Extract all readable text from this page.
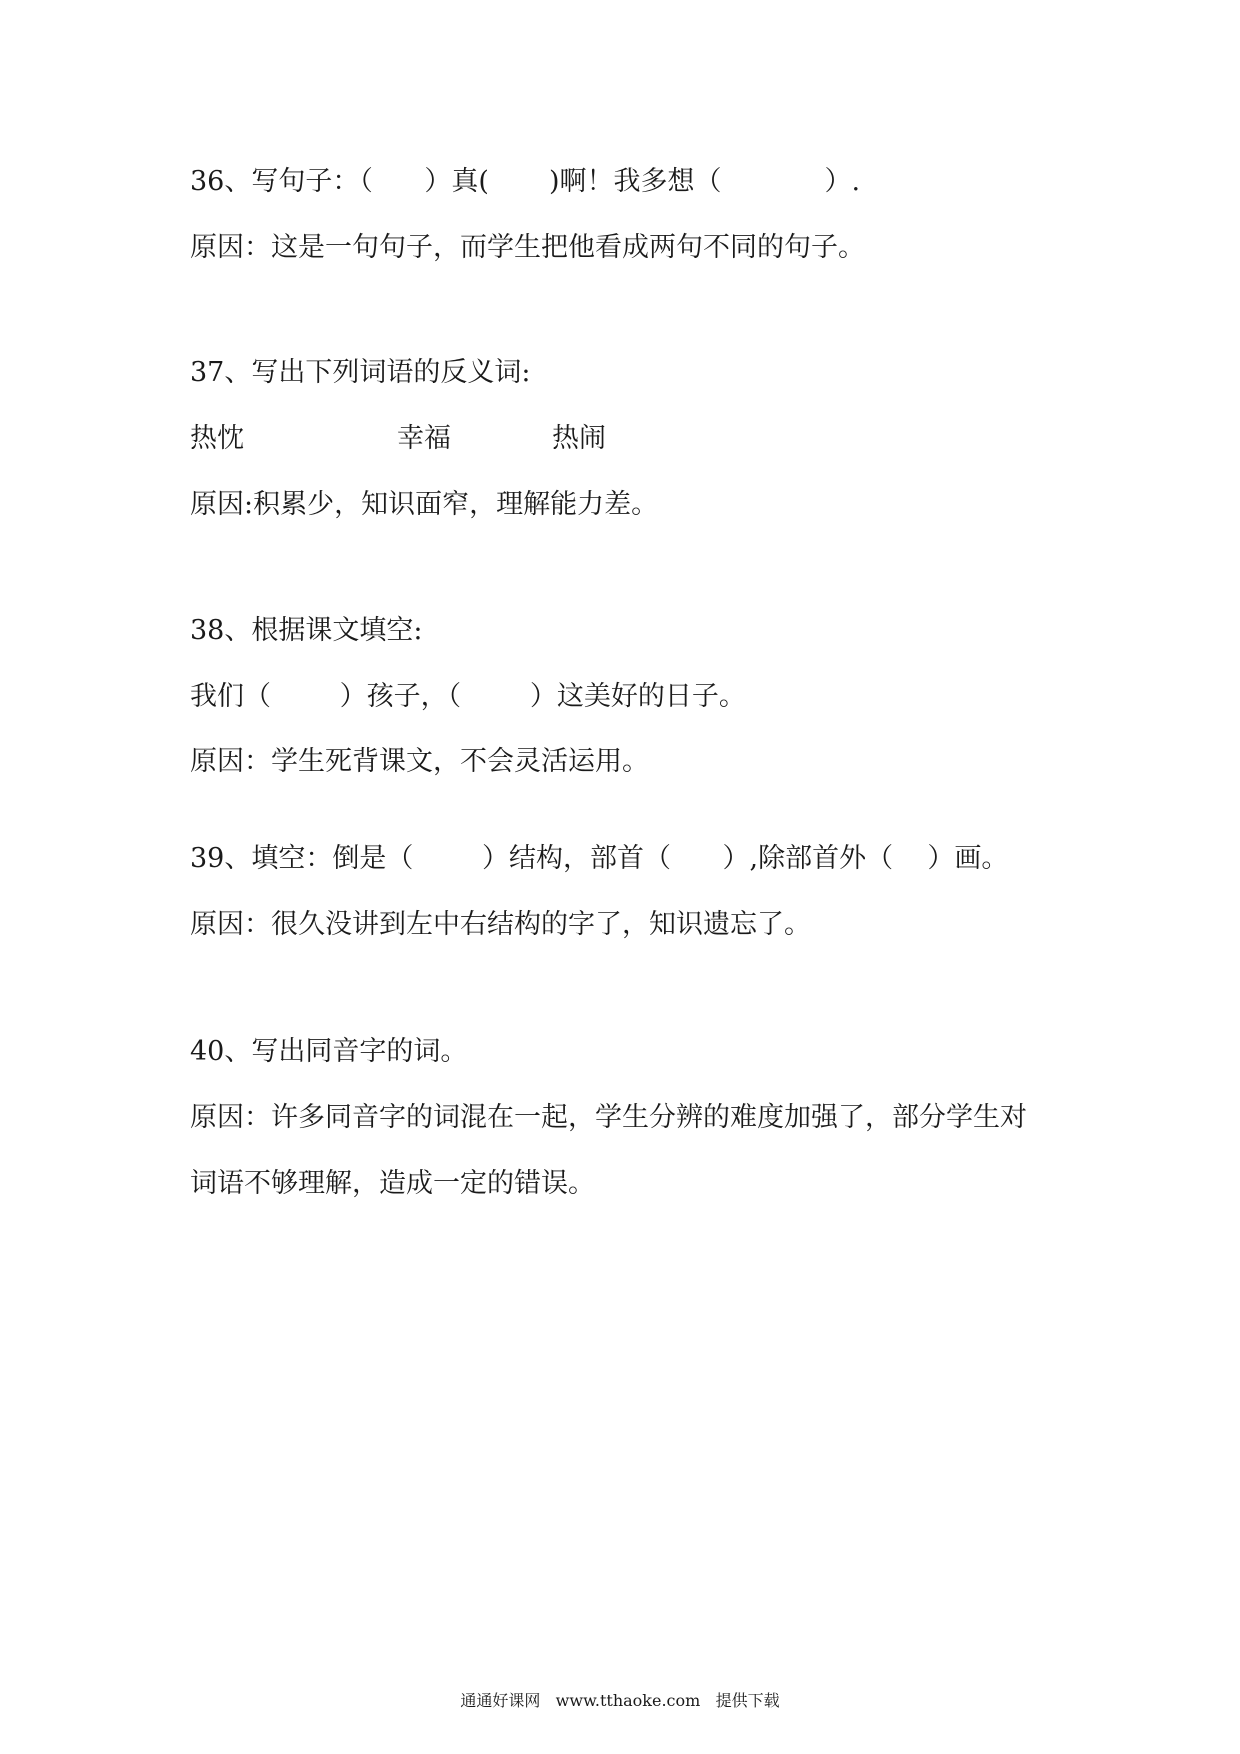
36、写句子：（      ）真(       )啊！我多想（            ）.

原因：这是一句句子，而学生把他看成两句不同的句子。

37、写出下列词语的反义词:

热忱	幸福	热闹

原因:积累少，知识面窄，理解能力差。

38、根据课文填空:

我们（        ）孩子，（        ）这美好的日子。

原因：学生死背课文，不会灵活运用。

39、填空：倒是（        ）结构，部首（      ）,除部首外（    ）画。

原因：很久没讲到左中右结构的字了，知识遗忘了。

40、写出同音字的词。

原因：许多同音字的词混在一起，学生分辨的难度加强了，部分学生对

词语不够理解，造成一定的错误。

通通好课网   www.tthaoke.com   提供下载
